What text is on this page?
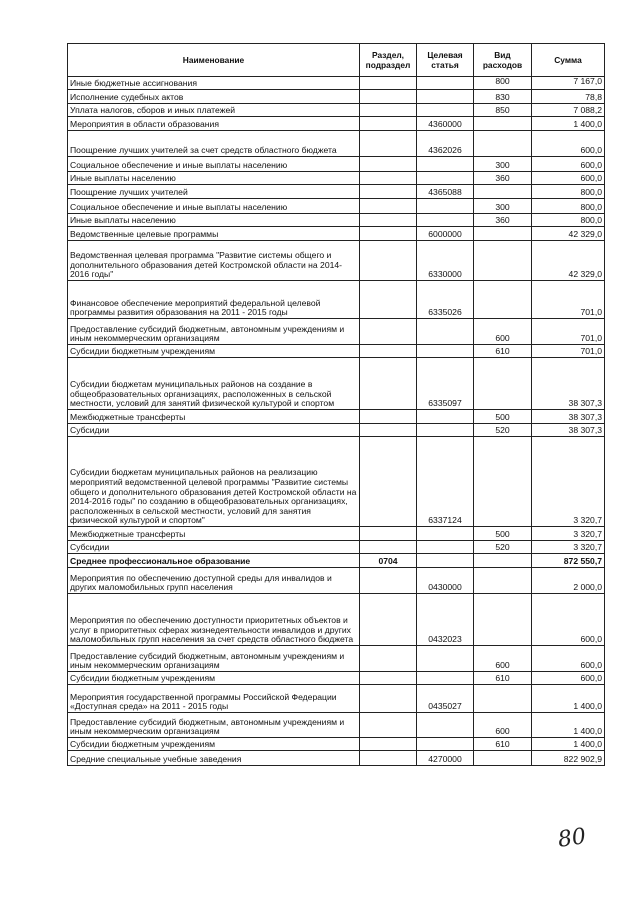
Наименование	Раздел, подраздел	Целевая статья	Вид расходов	Сумма
Иные бюджетные ассигнования			800	7 167,0
Исполнение судебных актов			830	78,8
Уплата налогов, сборов и иных платежей			850	7 088,2
Мероприятия в области образования		4360000		1 400,0
Поощрение лучших учителей за счет средств областного бюджета		4362026		600,0
Социальное обеспечение и иные выплаты населению			300	600,0
Иные выплаты населению			360	600,0
Поощрение лучших учителей		4365088		800,0
Социальное обеспечение и иные выплаты населению			300	800,0
Иные выплаты населению			360	800,0
Ведомственные целевые программы		6000000		42 329,0
Ведомственная целевая программа "Развитие системы общего и дополнительного образования детей Костромской области на 2014-2016 годы"		6330000		42 329,0
Финансовое обеспечение мероприятий федеральной целевой программы развития образования на 2011 - 2015 годы		6335026		701,0
Предоставление субсидий бюджетным, автономным учреждениям и иным некоммерческим организациям			600	701,0
Субсидии бюджетным учреждениям			610	701,0
Субсидии бюджетам муниципальных районов на создание в общеобразовательных организациях, расположенных в сельской местности, условий для занятий физической культурой и спортом		6335097		38 307,3
Межбюджетные трансферты			500	38 307,3
Субсидии			520	38 307,3
Субсидии бюджетам муниципальных районов на реализацию мероприятий ведомственной целевой программы "Развитие системы общего и дополнительного образования детей Костромской области на 2014-2016 годы" по созданию в общеобразовательных организациях, расположенных в сельской местности, условий для занятия физической культурой и спортом"		6337124		3 320,7
Межбюджетные трансферты			500	3 320,7
Субсидии			520	3 320,7
Среднее профессиональное образование	0704			872 550,7
Мероприятия по обеспечению доступной среды для инвалидов и других маломобильных групп населения		0430000		2 000,0
Мероприятия по обеспечению доступности приоритетных объектов и услуг в приоритетных сферах жизнедеятельности инвалидов и других маломобильных групп населения за счет средств областного бюджета		0432023		600,0
Предоставление субсидий бюджетным, автономным учреждениям и иным некоммерческим организациям			600	600,0
Субсидии бюджетным учреждениям			610	600,0
Мероприятия государственной программы Российской Федерации «Доступная среда» на 2011 - 2015 годы		0435027		1 400,0
Предоставление субсидий бюджетным, автономным учреждениям и иным некоммерческим организациям			600	1 400,0
Субсидии бюджетным учреждениям			610	1 400,0
Средние специальные учебные заведения		4270000		822 902,9
80
